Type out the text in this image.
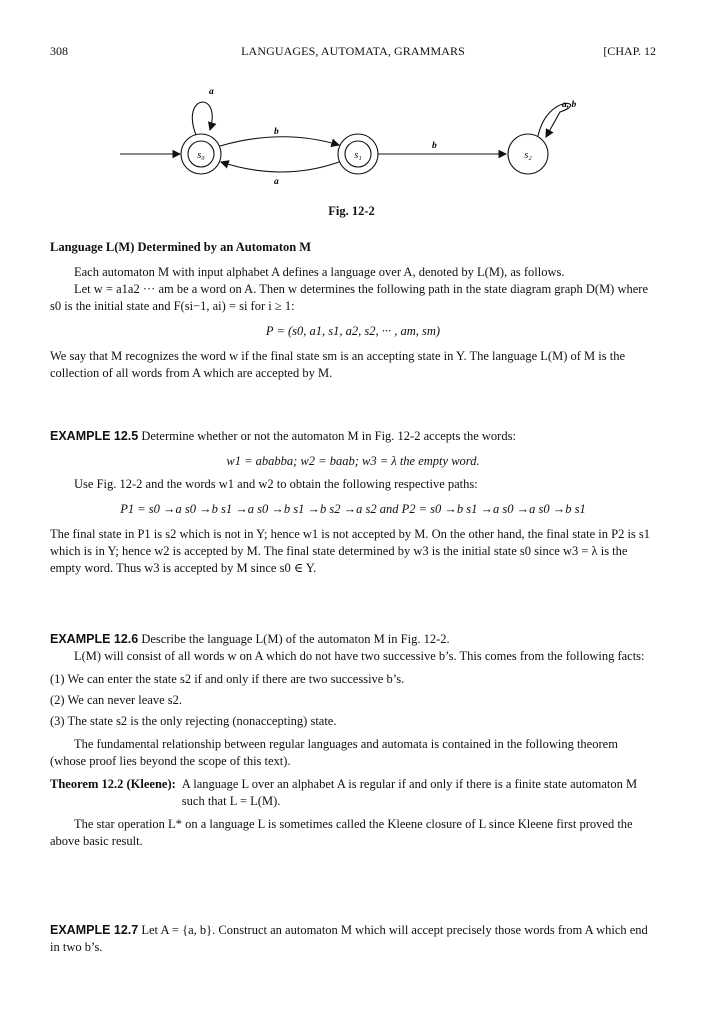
308	LANGUAGES, AUTOMATA, GRAMMARS	[CHAP. 12
s₀
a
b
a
s₁
b
s₂
a, b
Fig. 12-2

Language L(M) Determined by an Automaton M

Each automaton M with input alphabet A defines a language over A, denoted by L(M), as follows.

Let w = a1a2 ··· am be a word on A. Then w determines the following path in the state diagram graph D(M) where s0 is the initial state and F(si−1, ai) = si for i ≥ 1:

P = (s0, a1, s1, a2, s2, ··· , am, sm)

We say that M recognizes the word w if the final state sm is an accepting state in Y. The language L(M) of M is the collection of all words from A which are accepted by M.

EXAMPLE 12.5 Determine whether or not the automaton M in Fig. 12-2 accepts the words:

w1 = ababba; w2 = baab; w3 = λ the empty word.

Use Fig. 12-2 and the words w1 and w2 to obtain the following respective paths:

P1 = s0 →a s0 →b s1 →a s0 →b s1 →b s2 →a s2 and P2 = s0 →b s1 →a s0 →a s0 →b s1

The final state in P1 is s2 which is not in Y; hence w1 is not accepted by M. On the other hand, the final state in P2 is s1 which is in Y; hence w2 is accepted by M. The final state determined by w3 is the initial state s0 since w3 = λ is the empty word. Thus w3 is accepted by M since s0 ∈ Y.

EXAMPLE 12.6 Describe the language L(M) of the automaton M in Fig. 12-2.

L(M) will consist of all words w on A which do not have two successive b’s. This comes from the following facts:

(1) We can enter the state s2 if and only if there are two successive b’s.

(2) We can never leave s2.

(3) The state s2 is the only rejecting (nonaccepting) state.

The fundamental relationship between regular languages and automata is contained in the following theorem (whose proof lies beyond the scope of this text).

Theorem 12.2 (Kleene): A language L over an alphabet A is regular if and only if there is a finite state automaton M such that L = L(M).

The star operation L* on a language L is sometimes called the Kleene closure of L since Kleene first proved the above basic result.

EXAMPLE 12.7 Let A = {a, b}. Construct an automaton M which will accept precisely those words from A which end in two b’s.
